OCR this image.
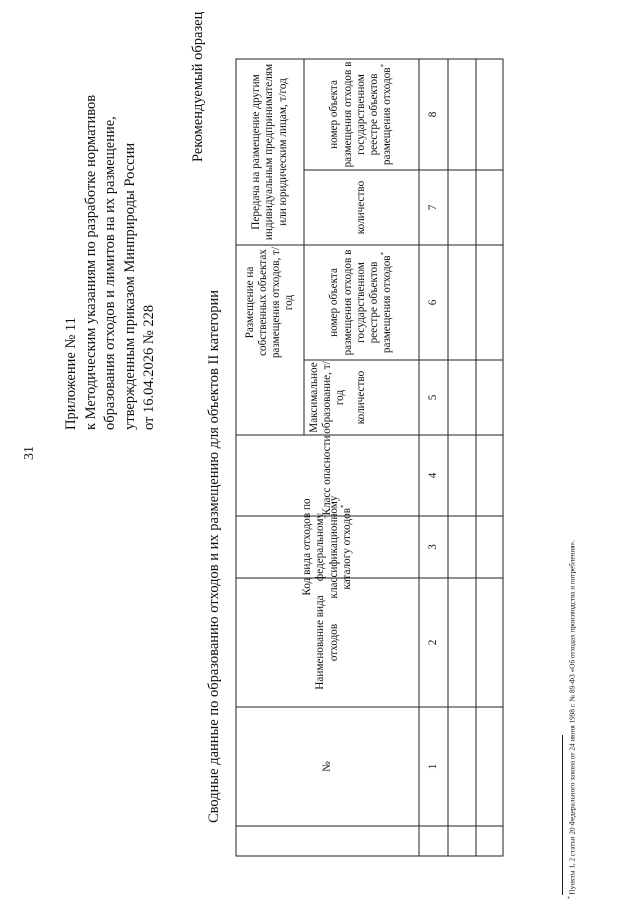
31
Приложение № 11 к Методическим указаниям по разработке нормативов образования отходов и лимитов на их размещение, утвержденным приказом Минприроды России от 16.04.2026 № 228
Рекомендуемый образец
Сводные данные по образованию отходов и их размещению для объектов II категории	№
Наименование вида отходов
Код вида отходов по федеральному классификационному каталогу отходов*
Класс опасности
Максимальное образование, т/год
Размещение на собственных объектах размещения отходов, т/год
Передача на размещение другим индивидуальным предпринимателям или юридическим лицам, т/год
количество
номер объекта размещения отходов в государственном реестре объектов размещения отходов*
количество
номер объекта размещения отходов в государственном реестре объектов размещения отходов*
1
2
3
4
5
6
7
8
* Пункты 1, 2 статьи 20 Федерального закона от 24 июня 1998 г. № 89-ФЗ «Об отходах производства и потребления».
